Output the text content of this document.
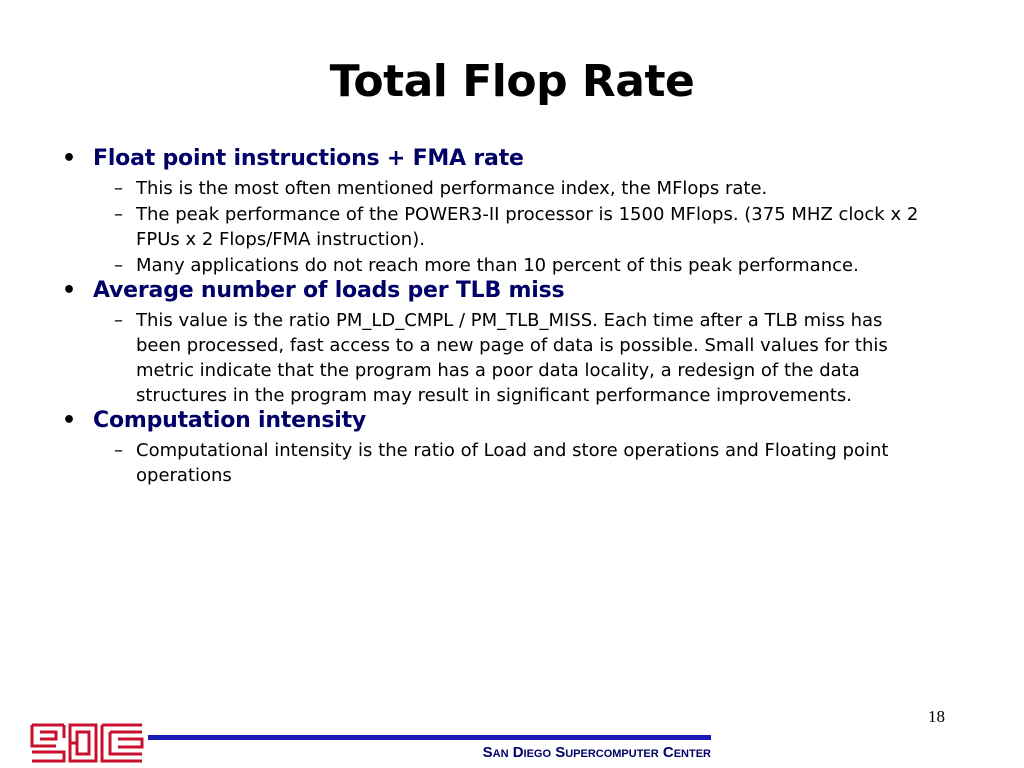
Total Flop Rate
• Float point instructions + FMA rate
– This is the most often mentioned performance index, the MFlops rate.
– The peak performance of the POWER3-II processor is 1500 MFlops. (375 MHZ clock x 2 FPUs x 2 Flops/FMA instruction).
– Many applications do not reach more than 10 percent of this peak performance.
• Average number of loads per TLB miss
– This value is the ratio PM_LD_CMPL / PM_TLB_MISS. Each time after a TLB miss has been processed, fast access to a new page of data is possible. Small values for this metric indicate that the program has a poor data locality, a redesign of the data structures in the program may result in significant performance improvements.
• Computation intensity
– Computational intensity is the ratio of Load and store operations and Floating point operations
18
San Diego Supercomputer Center
